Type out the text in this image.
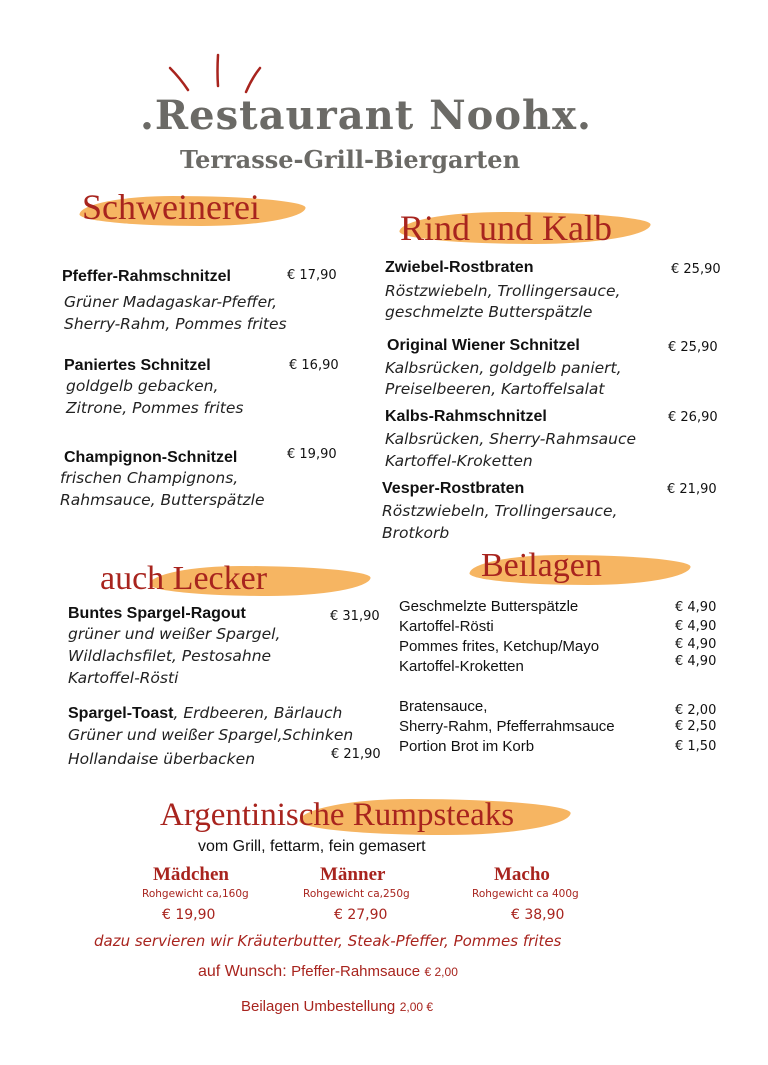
.Restaurant Noohx.
Terrasse-Grill-Biergarten
Schweinerei
Pfeffer-Rahmschnitzel	€ 17,90
Grüner Madagaskar-Pfeffer,
Sherry-Rahm, Pommes frites
Paniertes Schnitzel	€ 16,90
goldgelb gebacken,
Zitrone, Pommes frites
Champignon-Schnitzel	€ 19,90
frischen Champignons,
Rahmsauce, Butterspätzle
Rind und Kalb
Zwiebel-Rostbraten	€ 25,90
Röstzwiebeln, Trollingersauce,
geschmelzte Butterspätzle
Original Wiener Schnitzel	€ 25,90
Kalbsrücken, goldgelb paniert,
Preiselbeeren, Kartoffelsalat
Kalbs-Rahmschnitzel	€ 26,90
Kalbsrücken, Sherry-Rahmsauce
Kartoffel-Kroketten
Vesper-Rostbraten	€ 21,90
Röstzwiebeln, Trollingersauce,
Brotkorb
auch Lecker
Buntes Spargel-Ragout	€ 31,90
grüner und weißer Spargel,
Wildlachsfilet, Pestosahne
Kartoffel-Rösti
Spargel-Toast, Erdbeeren, Bärlauch
Grüner und weißer Spargel,Schinken
Hollandaise überbacken	€ 21,90
Beilagen
Geschmelzte Butterspätzle	€ 4,90
Kartoffel-Rösti	€ 4,90
Pommes frites, Ketchup/Mayo	€ 4,90
Kartoffel-Kroketten	€ 4,90
Bratensauce,	€ 2,00
Sherry-Rahm, Pfefferrahmsauce	€ 2,50
Portion Brot im Korb	€ 1,50
Argentinische Rumpsteaks
vom Grill, fettarm, fein gemasert
Mädchen
Rohgewicht ca,160g
€ 19,90
Männer
Rohgewicht ca,250g
€ 27,90
Macho
Rohgewicht ca 400g
€ 38,90
dazu servieren wir Kräuterbutter, Steak-Pfeffer, Pommes frites
auf Wunsch: Pfeffer-Rahmsauce € 2,00
Beilagen Umbestellung 2,00 €
